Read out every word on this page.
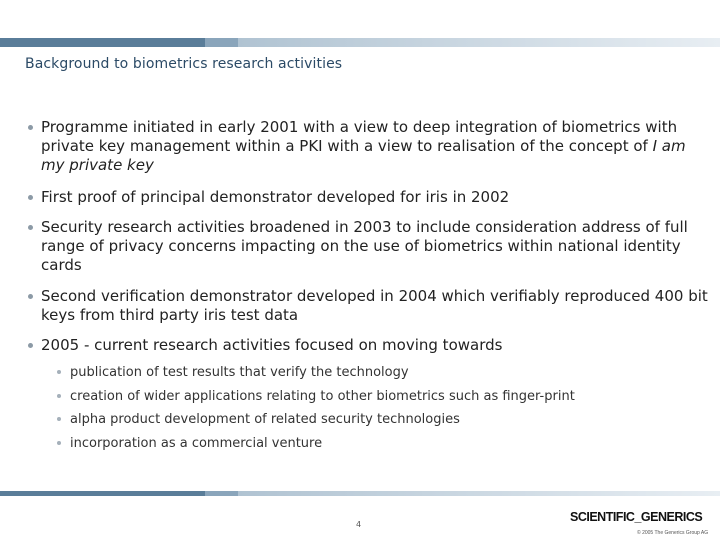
Background to biometrics research activities
Programme initiated in early 2001 with a view to deep integration of biometrics with private key management within a PKI with a view to realisation of the concept of I am my private key
First proof of principal demonstrator developed for iris in 2002
Security research activities broadened in 2003 to include consideration address of full range of privacy concerns impacting on the use of biometrics within national identity cards
Second verification demonstrator developed in 2004 which verifiably reproduced 400 bit keys from third party iris test data
2005 - current research activities focused on moving towards
publication of test results that verify the technology
creation of wider applications relating to other biometrics such as finger-print
alpha product development of related security technologies
incorporation as a commercial venture
4
SCIENTIFIC_GENERICS
© 2005 The Generics Group AG
